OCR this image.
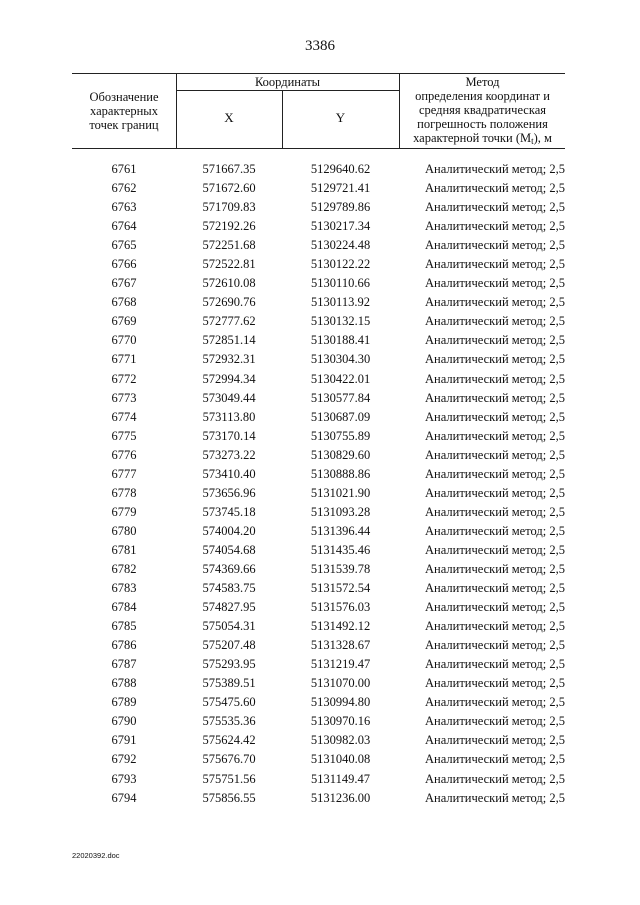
3386
Обозначение характерных точек границ
Координаты
X	Y
Метод
определения координат и средняя квадратическая погрешность положения
характерной точки $(M_t)$, м
6761	571667.35	5129640.62	Аналитический метод; 2,5
6762	571672.60	5129721.41	Аналитический метод; 2,5
6763	571709.83	5129789.86	Аналитический метод; 2,5
6764	572192.26	5130217.34	Аналитический метод; 2,5
6765	572251.68	5130224.48	Аналитический метод; 2,5
6766	572522.81	5130122.22	Аналитический метод; 2,5
6767	572610.08	5130110.66	Аналитический метод; 2,5
6768	572690.76	5130113.92	Аналитический метод; 2,5
6769	572777.62	5130132.15	Аналитический метод; 2,5
6770	572851.14	5130188.41	Аналитический метод; 2,5
6771	572932.31	5130304.30	Аналитический метод; 2,5
6772	572994.34	5130422.01	Аналитический метод; 2,5
6773	573049.44	5130577.84	Аналитический метод; 2,5
6774	573113.80	5130687.09	Аналитический метод; 2,5
6775	573170.14	5130755.89	Аналитический метод; 2,5
6776	573273.22	5130829.60	Аналитический метод; 2,5
6777	573410.40	5130888.86	Аналитический метод; 2,5
6778	573656.96	5131021.90	Аналитический метод; 2,5
6779	573745.18	5131093.28	Аналитический метод; 2,5
6780	574004.20	5131396.44	Аналитический метод; 2,5
6781	574054.68	5131435.46	Аналитический метод; 2,5
6782	574369.66	5131539.78	Аналитический метод; 2,5
6783	574583.75	5131572.54	Аналитический метод; 2,5
6784	574827.95	5131576.03	Аналитический метод; 2,5
6785	575054.31	5131492.12	Аналитический метод; 2,5
6786	575207.48	5131328.67	Аналитический метод; 2,5
6787	575293.95	5131219.47	Аналитический метод; 2,5
6788	575389.51	5131070.00	Аналитический метод; 2,5
6789	575475.60	5130994.80	Аналитический метод; 2,5
6790	575535.36	5130970.16	Аналитический метод; 2,5
6791	575624.42	5130982.03	Аналитический метод; 2,5
6792	575676.70	5131040.08	Аналитический метод; 2,5
6793	575751.56	5131149.47	Аналитический метод; 2,5
6794	575856.55	5131236.00	Аналитический метод; 2,5
22020392.doc
